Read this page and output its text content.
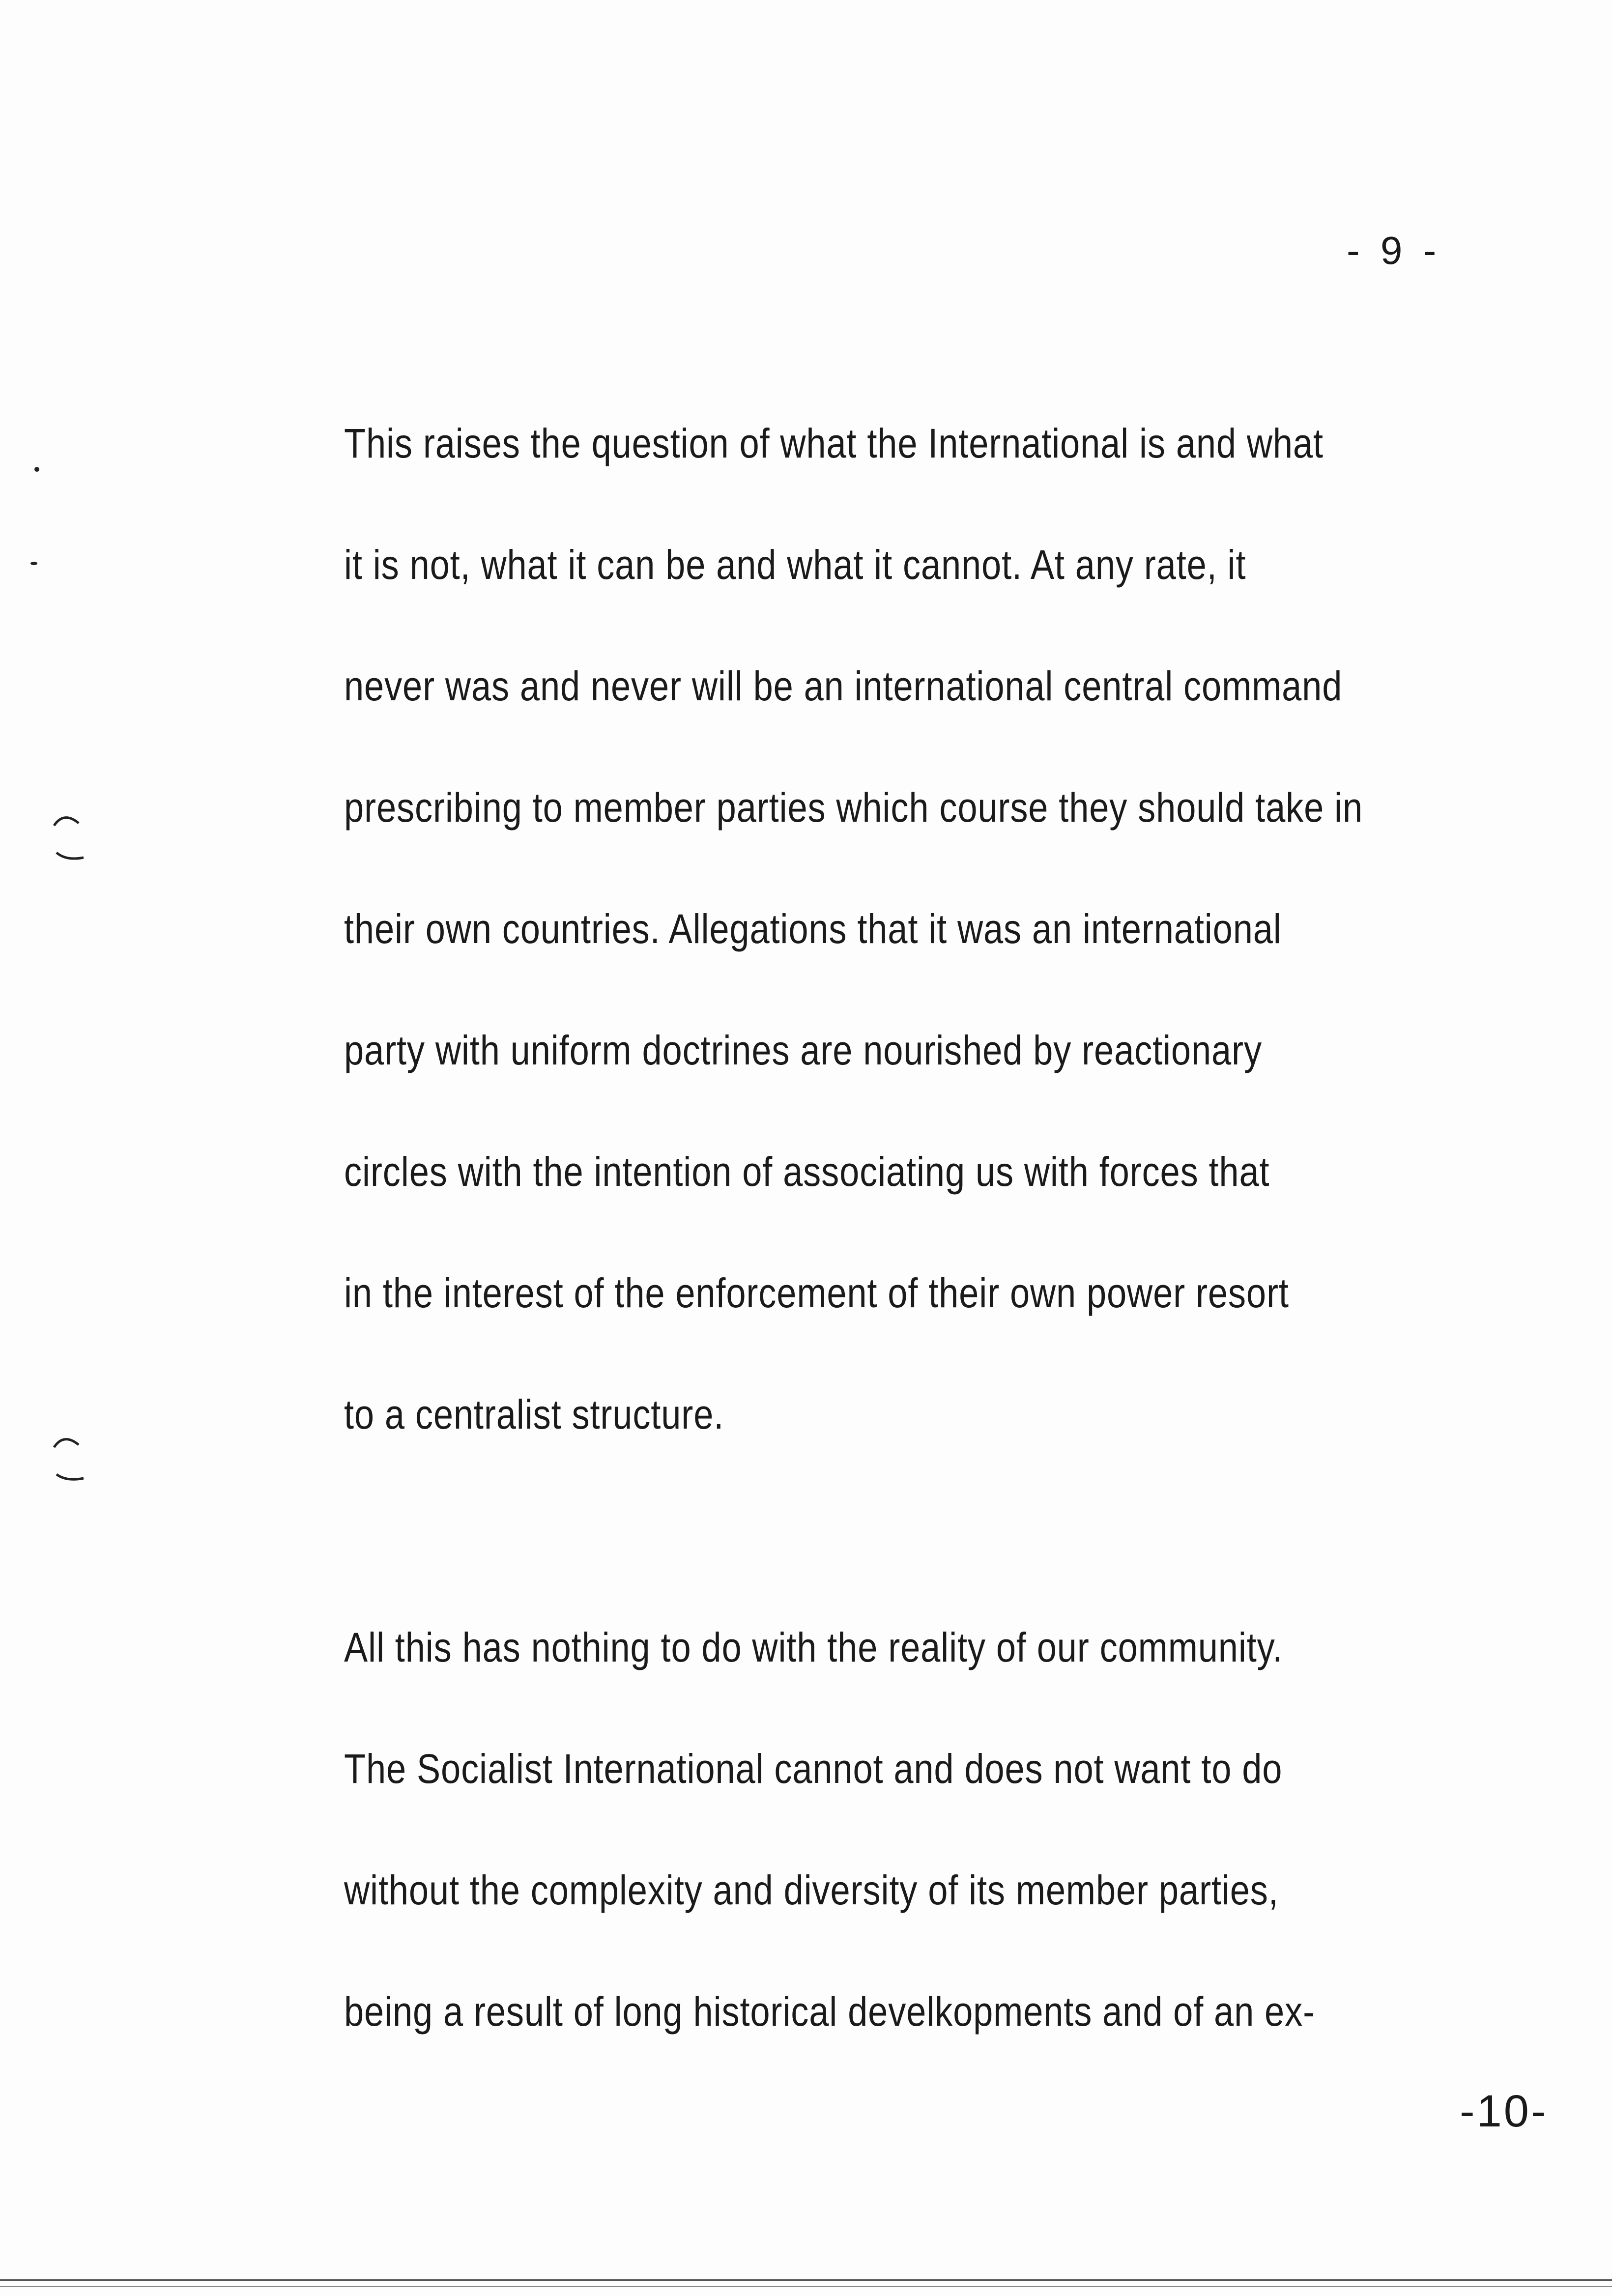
- 9 -
This raises the question of what the International is and what
it is not, what it can be and what it cannot. At any rate, it
never was and never will be an international central command
prescribing to member parties which course they should take in
their own countries. Allegations that it was an international
party with uniform doctrines are nourished by reactionary
circles with the intention of associating us with forces that
in the interest of the enforcement of their own power resort
to a centralist structure.
All this has nothing to do with the reality of our community.
The Socialist International cannot and does not want to do
without the complexity and diversity of its member parties,
being a result of long historical develkopments and of an ex-
-10-
